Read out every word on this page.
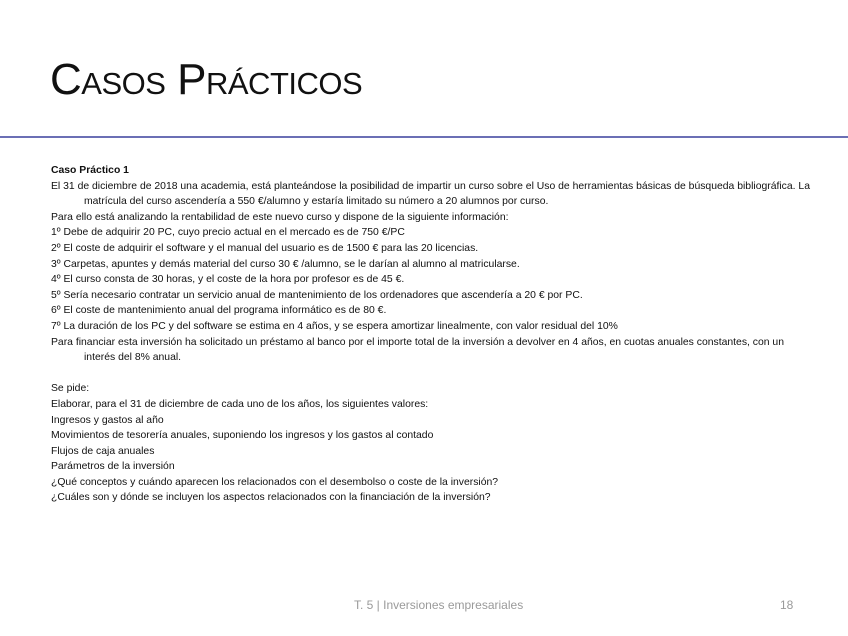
Casos Prácticos

Caso Práctico 1

El 31 de diciembre de 2018 una academia, está planteándose la posibilidad de impartir un curso sobre el Uso de herramientas básicas de búsqueda bibliográfica. La matrícula del curso ascendería a 550 €/alumno y estaría limitado su número a 20 alumnos por curso.

Para ello está analizando la rentabilidad de este nuevo curso y dispone de la siguiente información:

1º Debe de adquirir 20 PC, cuyo precio actual en el mercado es de 750 €/PC

2º El coste de adquirir el software y el manual del usuario es de 1500 € para las 20 licencias.

3º Carpetas, apuntes y demás material del curso 30 € /alumno, se le darían al alumno al matricularse.

4º El curso consta de 30 horas, y el coste de la hora por profesor es de 45 €.

5º Sería necesario contratar un servicio anual de mantenimiento de los ordenadores que ascendería a 20 € por PC.

6º El coste de mantenimiento anual del programa informático es de 80 €.

7º La duración de los PC y del software se estima en 4 años, y se espera amortizar linealmente, con valor residual del 10%

Para financiar esta inversión ha solicitado un préstamo al banco por el importe total de la inversión a devolver en 4 años, en cuotas anuales constantes, con un interés del 8% anual.

Se pide:

Elaborar, para el 31 de diciembre de cada uno de los años, los siguientes valores:

Ingresos y gastos al año

Movimientos de tesorería anuales, suponiendo los ingresos y los gastos al contado

Flujos de caja anuales

Parámetros de la inversión

¿Qué conceptos y cuándo aparecen los relacionados con el desembolso o coste de la inversión?

¿Cuáles son y dónde se incluyen los aspectos relacionados con la financiación de la inversión?

T. 5 | Inversiones empresariales	18
